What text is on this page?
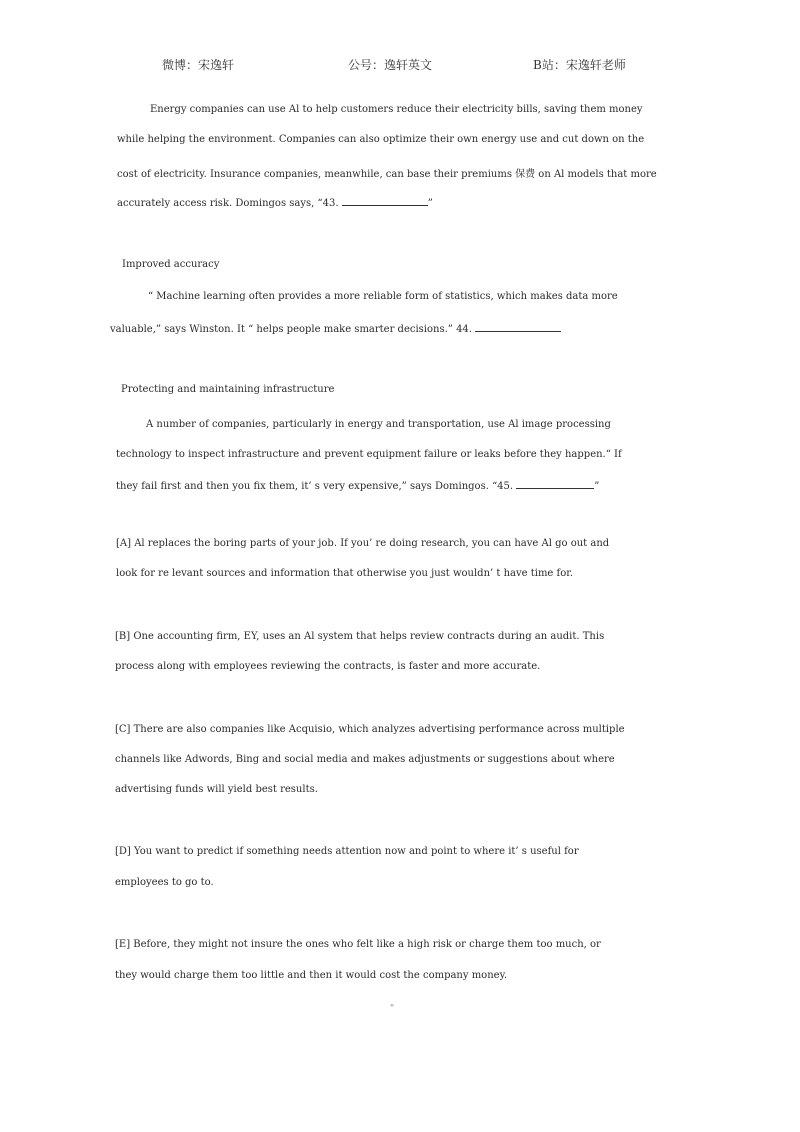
微博：宋逸轩	公号：逸轩英文	B站：宋逸轩老师
Energy companies can use Al to help customers reduce their electricity bills, saving them money
while helping the environment. Companies can also optimize their own energy use and cut down on the
cost of electricity. Insurance companies, meanwhile, can base their premiums 保费 on Al models that more
accurately access risk. Domingos says, “43.	”
Improved accuracy
“ Machine learning often provides a more reliable form of statistics, which makes data more
valuable,” says Winston. It “ helps people make smarter decisions.” 44.
Protecting and maintaining infrastructure
A number of companies, particularly in energy and transportation, use Al image processing
technology to inspect infrastructure and prevent equipment failure or leaks before they happen.“ If
they fail first and then you fix them, it’ s very expensive,” says Domingos. “45.	”
[A] Al replaces the boring parts of your job. If you’ re doing research, you can have Al go out and
look for re levant sources and information that otherwise you just wouldn’ t have time for.
[B] One accounting firm, EY, uses an Al system that helps review contracts during an audit. This
process along with employees reviewing the contracts, is faster and more accurate.
[C] There are also companies like Acquisio, which analyzes advertising performance across multiple
channels like Adwords, Bing and social media and makes adjustments or suggestions about where
advertising funds will yield best results.
[D] You want to predict if something needs attention now and point to where it’ s useful for
employees to go to.
[E] Before, they might not insure the ones who felt like a high risk or charge them too much, or
they would charge them too little and then it would cost the company money.
"
